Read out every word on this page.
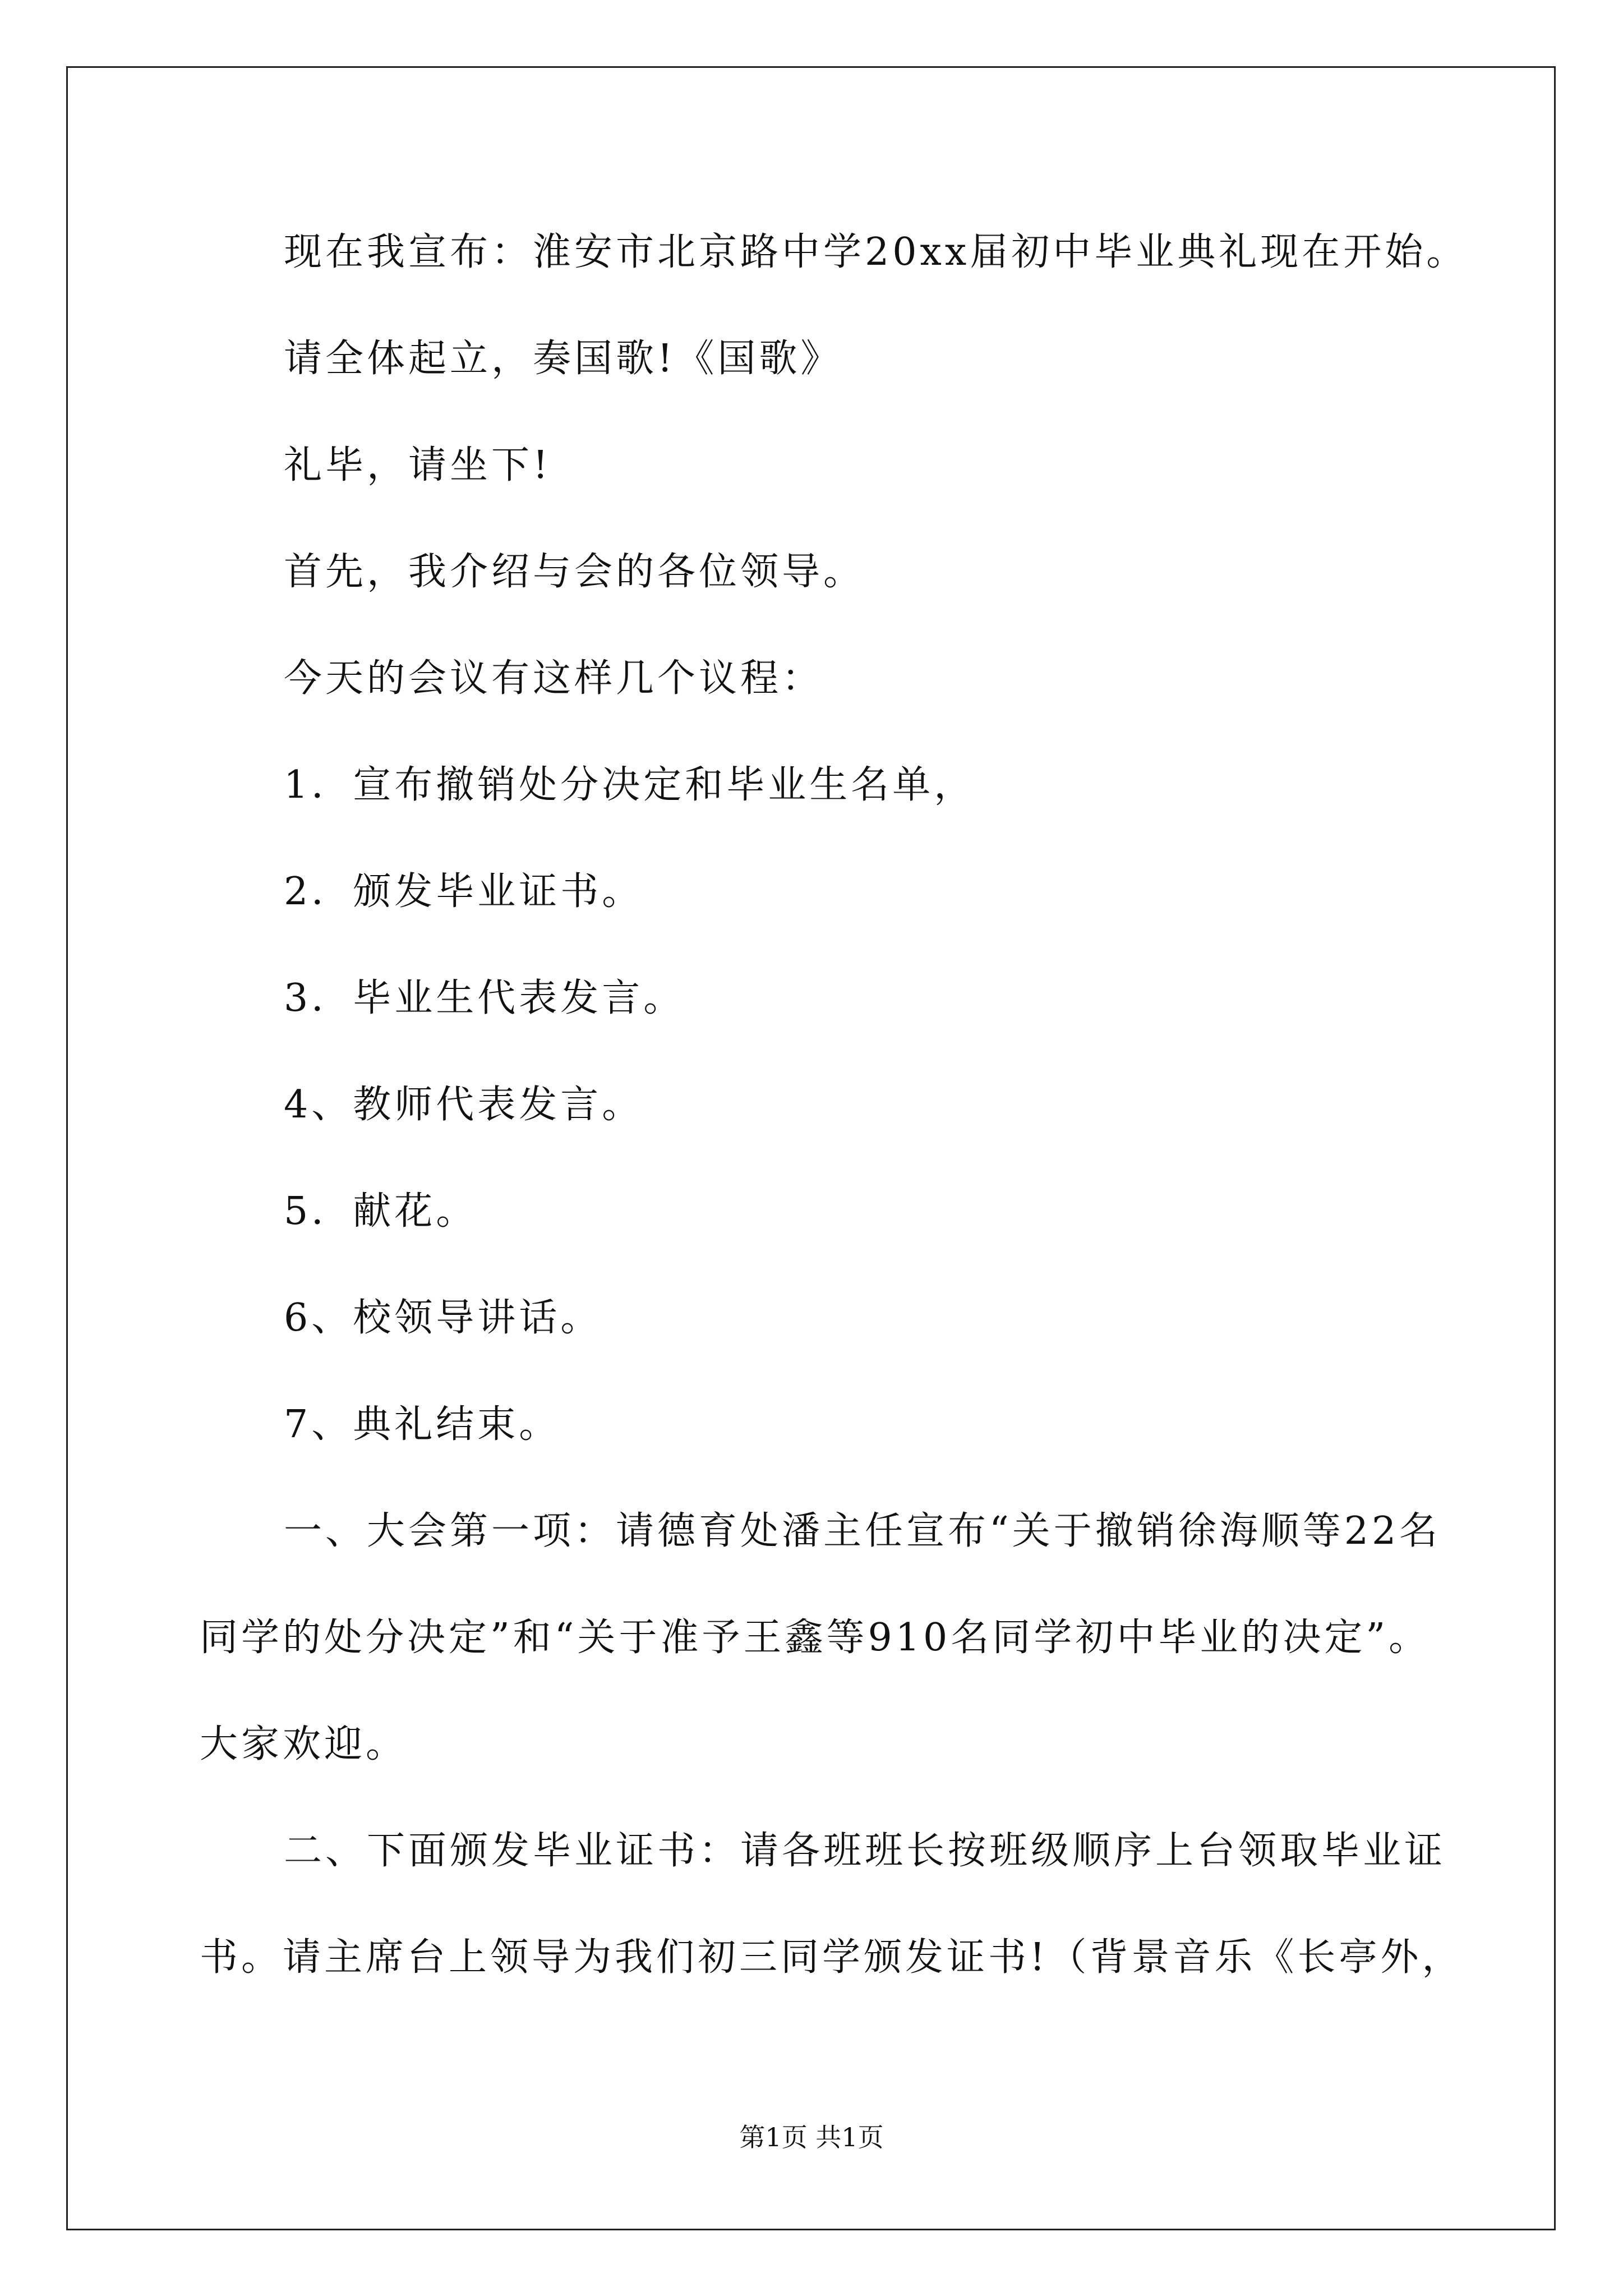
现在我宣布：淮安市北京路中学20xx届初中毕业典礼现在开始。
请全体起立，奏国歌!《国歌》
礼毕，请坐下!
首先，我介绍与会的各位领导。
今天的会议有这样几个议程：
1．宣布撤销处分决定和毕业生名单，
2．颁发毕业证书。
3．毕业生代表发言。
4、教师代表发言。
5．献花。
6、校领导讲话。
7、典礼结束。
一、大会第一项：请德育处潘主任宣布“关于撤销徐海顺等22名
同学的处分决定”和“关于准予王鑫等910名同学初中毕业的决定”。
大家欢迎。
二、下面颁发毕业证书：请各班班长按班级顺序上台领取毕业证
书。请主席台上领导为我们初三同学颁发证书!（背景音乐《长亭外，
第1页 共1页
